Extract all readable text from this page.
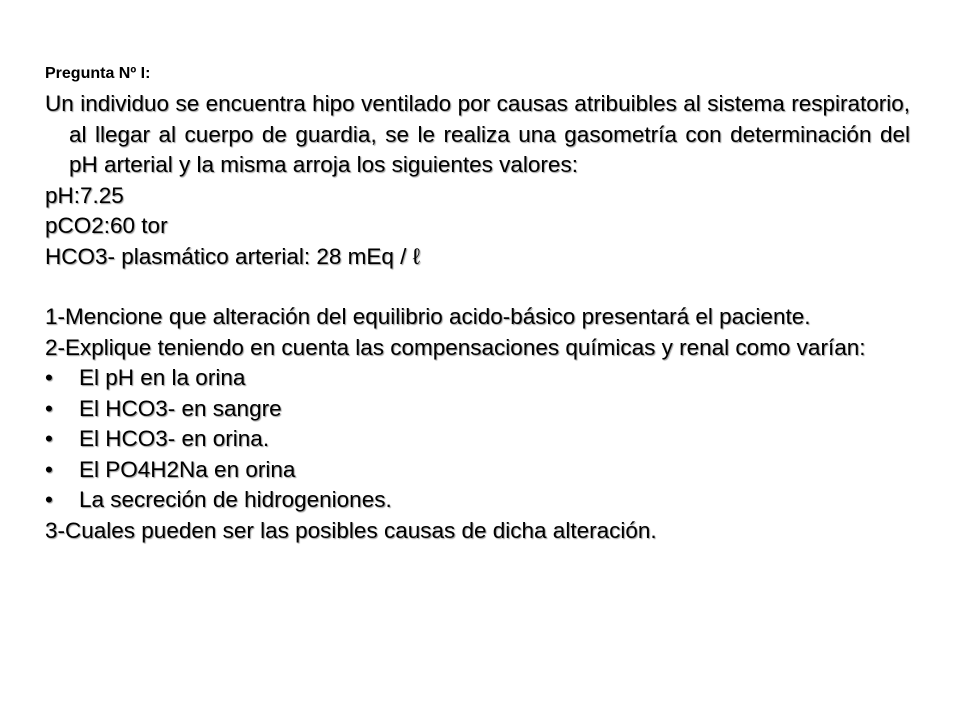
Pregunta Nº I:

Un individuo se encuentra hipo ventilado por causas atribuibles al sistema respiratorio, al llegar al cuerpo de guardia, se le realiza una gasometría con determinación del pH arterial y la misma arroja los siguientes valores:

pH:7.25

pCO2:60 tor

HCO3- plasmático arterial: 28 mEq / ℓ

1-Mencione que alteración del equilibrio acido-básico presentará el paciente.

2-Explique teniendo en cuenta las compensaciones químicas y renal como varían:

•	El pH en la orina
•	El HCO3- en sangre
•	El HCO3- en orina.
•	El PO4H2Na en orina
•	La secreción de hidrogeniones.

3-Cuales pueden ser las posibles causas de dicha alteración.
